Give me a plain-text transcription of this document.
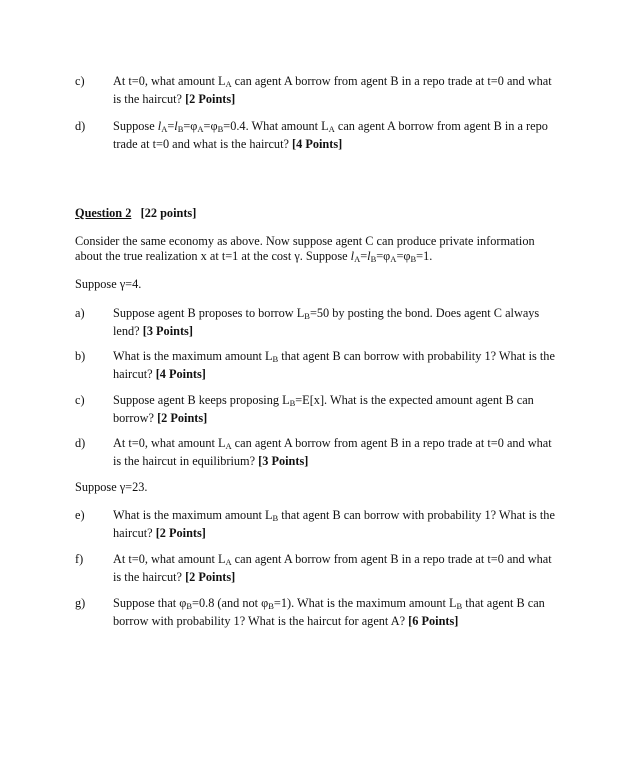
c)	At t=0, what amount $L_A$ can agent A borrow from agent B in a repo trade at t=0 and what
is the haircut? [2 Points]
d)	Suppose $l_A=l_B=\varphi_A=\varphi_B=0.4$. What amount $L_A$ can agent A borrow from agent B in a repo
trade at t=0 and what is the haircut? [4 Points]
Question 2 [22 points]
Consider the same economy as above. Now suppose agent C can produce private information
about the true realization x at t=1 at the cost γ. Suppose $l_A=l_B=\varphi_A=\varphi_B=1$.
Suppose γ=4.
a)	Suppose agent B proposes to borrow $L_B=50$ by posting the bond. Does agent C always
lend? [3 Points]
b)	What is the maximum amount $L_B$ that agent B can borrow with probability 1? What is the
haircut? [4 Points]
c)	Suppose agent B keeps proposing $L_B=E[x]$. What is the expected amount agent B can
borrow? [2 Points]
d)	At t=0, what amount $L_A$ can agent A borrow from agent B in a repo trade at t=0 and what
is the haircut in equilibrium? [3 Points]
Suppose γ=23.
e)	What is the maximum amount $L_B$ that agent B can borrow with probability 1? What is the
haircut? [2 Points]
f)	At t=0, what amount $L_A$ can agent A borrow from agent B in a repo trade at t=0 and what
is the haircut? [2 Points]
g)	Suppose that $\varphi_B=0.8$ (and not $\varphi_B=1$). What is the maximum amount $L_B$ that agent B can
borrow with probability 1? What is the haircut for agent A? [6 Points]
